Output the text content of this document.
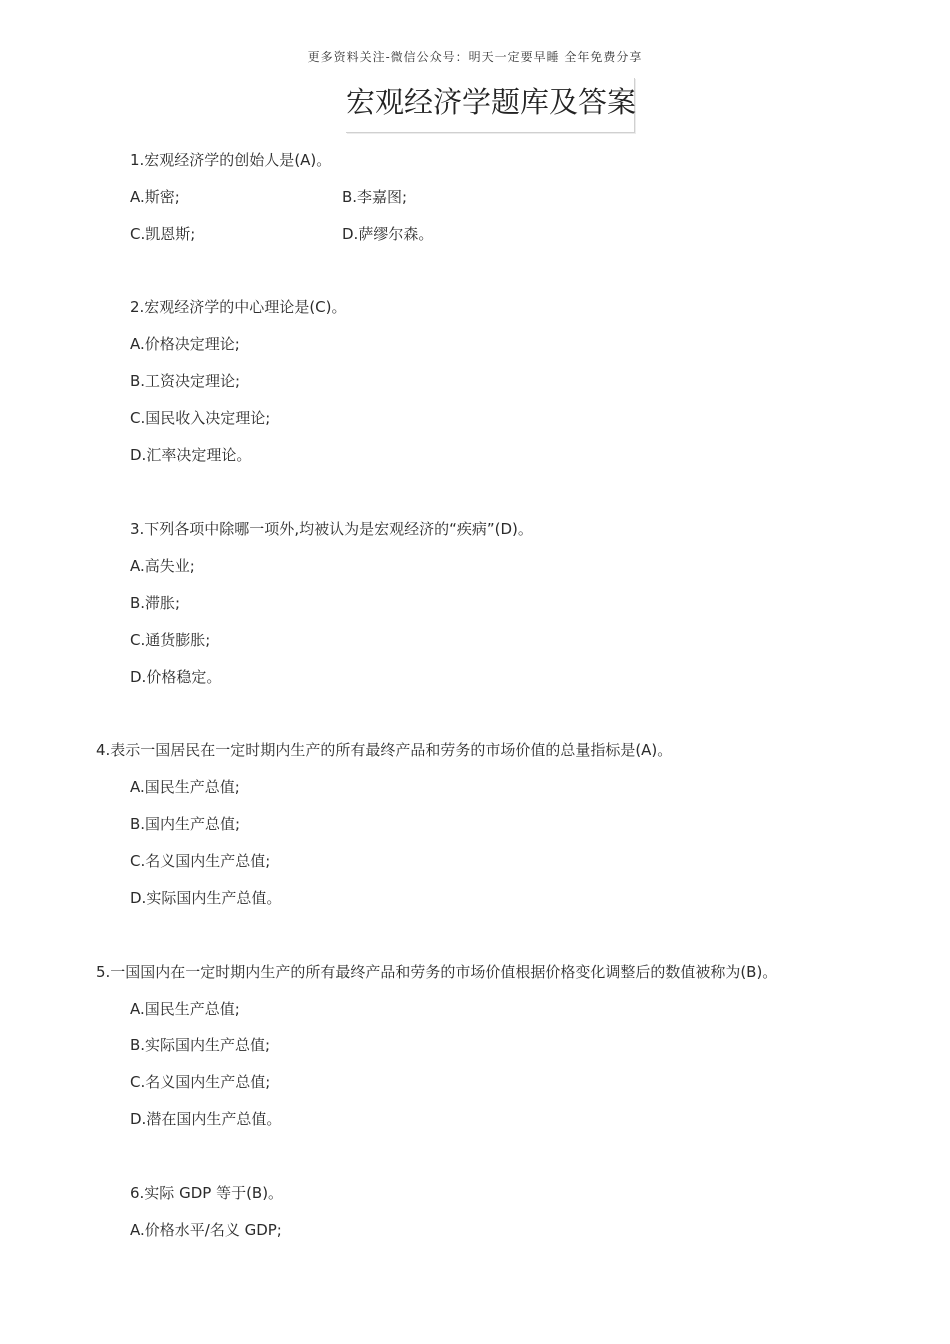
更多资料关注-微信公众号：明天一定要早睡 全年免费分享
宏观经济学题库及答案
1.宏观经济学的创始人是(A)。
A.斯密;	B.李嘉图;
C.凯恩斯;	D.萨缪尔森。
2.宏观经济学的中心理论是(C)。
A.价格决定理论;
B.工资决定理论;
C.国民收入决定理论;
D.汇率决定理论。
3.下列各项中除哪一项外,均被认为是宏观经济的“疾病”(D)。
A.高失业;
B.滞胀;
C.通货膨胀;
D.价格稳定。
4.表示一国居民在一定时期内生产的所有最终产品和劳务的市场价值的总量指标是(A)。
A.国民生产总值;
B.国内生产总值;
C.名义国内生产总值;
D.实际国内生产总值。
5.一国国内在一定时期内生产的所有最终产品和劳务的市场价值根据价格变化调整后的数值被称为(B)。
A.国民生产总值;
B.实际国内生产总值;
C.名义国内生产总值;
D.潜在国内生产总值。
6.实际 GDP 等于(B)。
A.价格水平/名义 GDP;
